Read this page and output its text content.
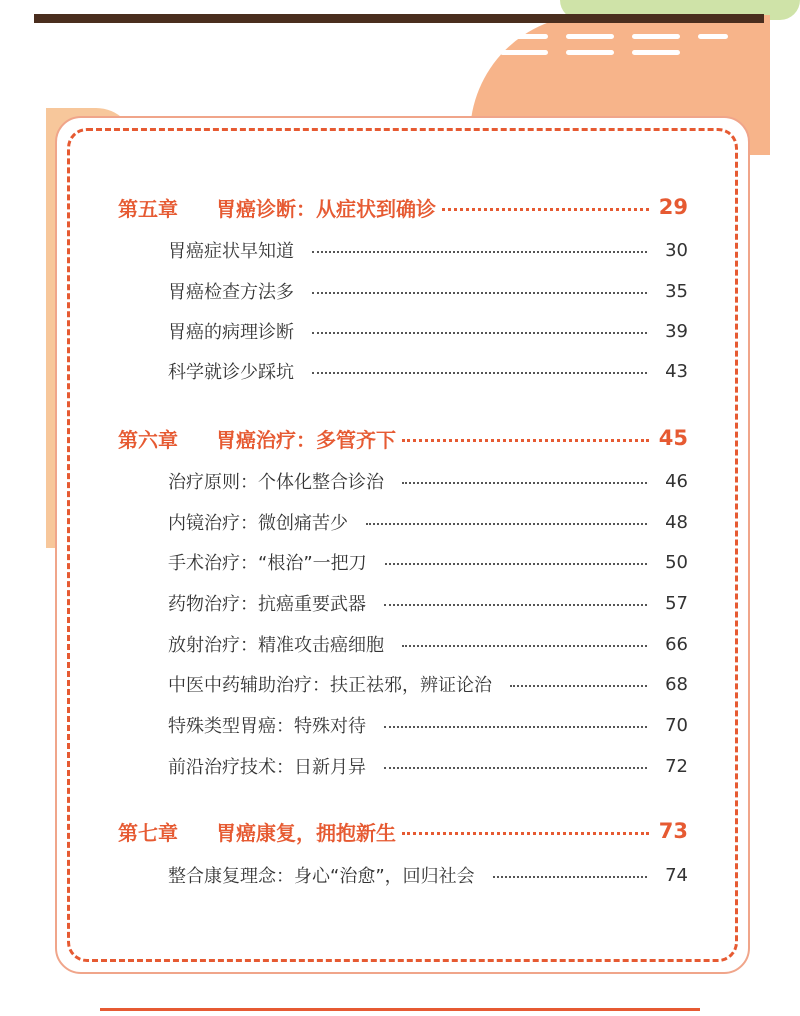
第五章	胃癌诊断：从症状到确诊	29
胃癌症状早知道	30
胃癌检查方法多	35
胃癌的病理诊断	39
科学就诊少踩坑	43
第六章	胃癌治疗：多管齐下	45
治疗原则：个体化整合诊治	46
内镜治疗：微创痛苦少	48
手术治疗：“根治”一把刀	50
药物治疗：抗癌重要武器	57
放射治疗：精准攻击癌细胞	66
中医中药辅助治疗：扶正祛邪，辨证论治	68
特殊类型胃癌：特殊对待	70
前沿治疗技术：日新月异	72
第七章	胃癌康复，拥抱新生	73
整合康复理念：身心“治愈”，回归社会	74
